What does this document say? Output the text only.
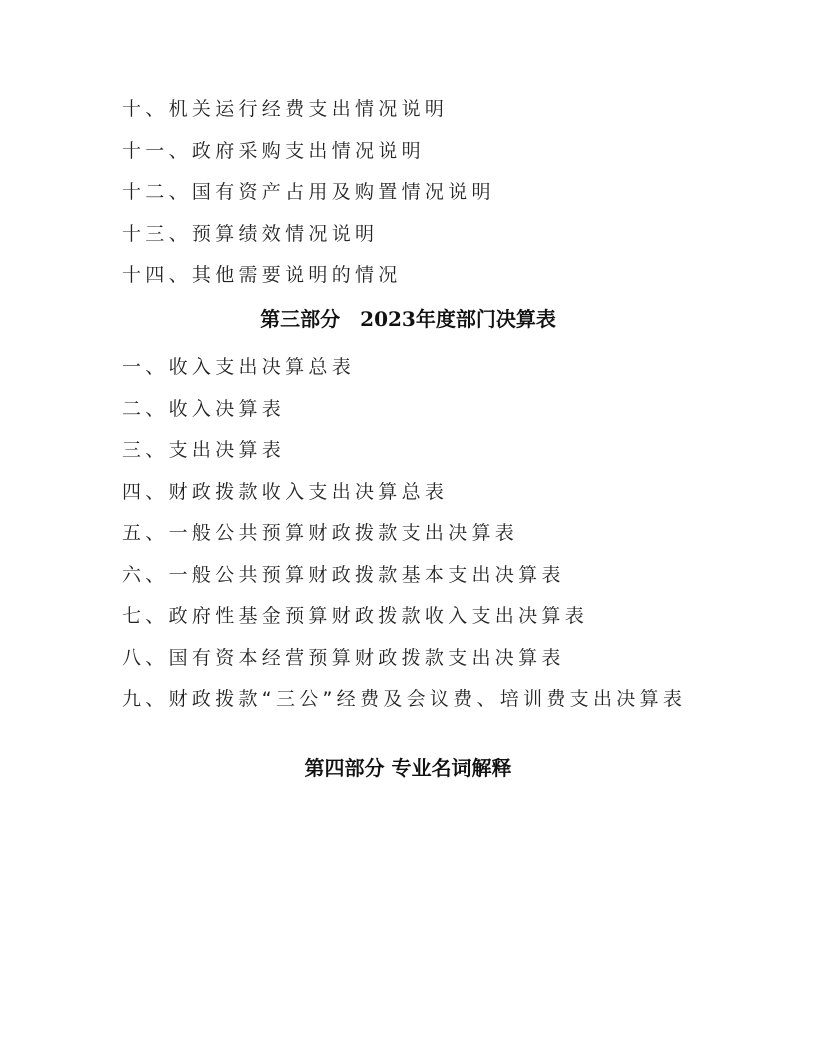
十、机关运行经费支出情况说明
十一、政府采购支出情况说明
十二、国有资产占用及购置情况说明
十三、预算绩效情况说明
十四、其他需要说明的情况
第三部分　2023年度部门决算表
一、收入支出决算总表
二、收入决算表
三、支出决算表
四、财政拨款收入支出决算总表
五、一般公共预算财政拨款支出决算表
六、一般公共预算财政拨款基本支出决算表
七、政府性基金预算财政拨款收入支出决算表
八、国有资本经营预算财政拨款支出决算表
九、财政拨款“三公”经费及会议费、培训费支出决算表
第四部分 专业名词解释
